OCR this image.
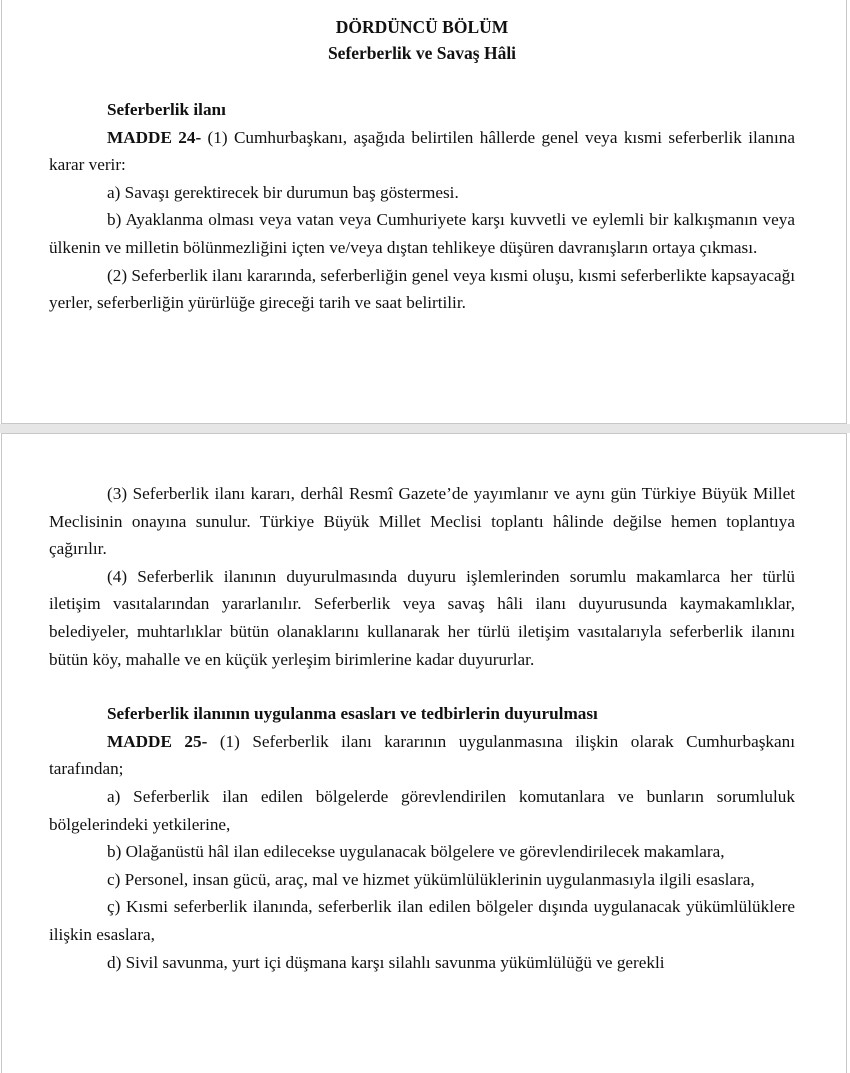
DÖRDÜNCÜ BÖLÜM
Seferberlik ve Savaş Hâli
Seferberlik ilanı

MADDE 24- (1) Cumhurbaşkanı, aşağıda belirtilen hâllerde genel veya kısmi seferberlik ilanına karar verir:

a) Savaşı gerektirecek bir durumun baş göstermesi.

b) Ayaklanma olması veya vatan veya Cumhuriyete karşı kuvvetli ve eylemli bir kalkışmanın veya ülkenin ve milletin bölünmezliğini içten ve/veya dıştan tehlikeye düşüren davranışların ortaya çıkması.

(2) Seferberlik ilanı kararında, seferberliğin genel veya kısmi oluşu, kısmi seferberlikte kapsayacağı yerler, seferberliğin yürürlüğe gireceği tarih ve saat belirtilir.

(3) Seferberlik ilanı kararı, derhâl Resmî Gazete’de yayımlanır ve aynı gün Türkiye Büyük Millet Meclisinin onayına sunulur. Türkiye Büyük Millet Meclisi toplantı hâlinde değilse hemen toplantıya çağırılır.

(4) Seferberlik ilanının duyurulmasında duyuru işlemlerinden sorumlu makamlarca her türlü iletişim vasıtalarından yararlanılır. Seferberlik veya savaş hâli ilanı duyurusunda kaymakamlıklar, belediyeler, muhtarlıklar bütün olanaklarını kullanarak her türlü iletişim vasıtalarıyla seferberlik ilanını bütün köy, mahalle ve en küçük yerleşim birimlerine kadar duyururlar.

Seferberlik ilanının uygulanma esasları ve tedbirlerin duyurulması

MADDE 25- (1) Seferberlik ilanı kararının uygulanmasına ilişkin olarak Cumhurbaşkanı tarafından;

a) Seferberlik ilan edilen bölgelerde görevlendirilen komutanlara ve bunların sorumluluk bölgelerindeki yetkilerine,

b) Olağanüstü hâl ilan edilecekse uygulanacak bölgelere ve görevlendirilecek makamlara,

c) Personel, insan gücü, araç, mal ve hizmet yükümlülüklerinin uygulanmasıyla ilgili esaslara,

ç) Kısmi seferberlik ilanında, seferberlik ilan edilen bölgeler dışında uygulanacak yükümlülüklere ilişkin esaslara,

d) Sivil savunma, yurt içi düşmana karşı silahlı savunma yükümlülüğü ve gerekli
